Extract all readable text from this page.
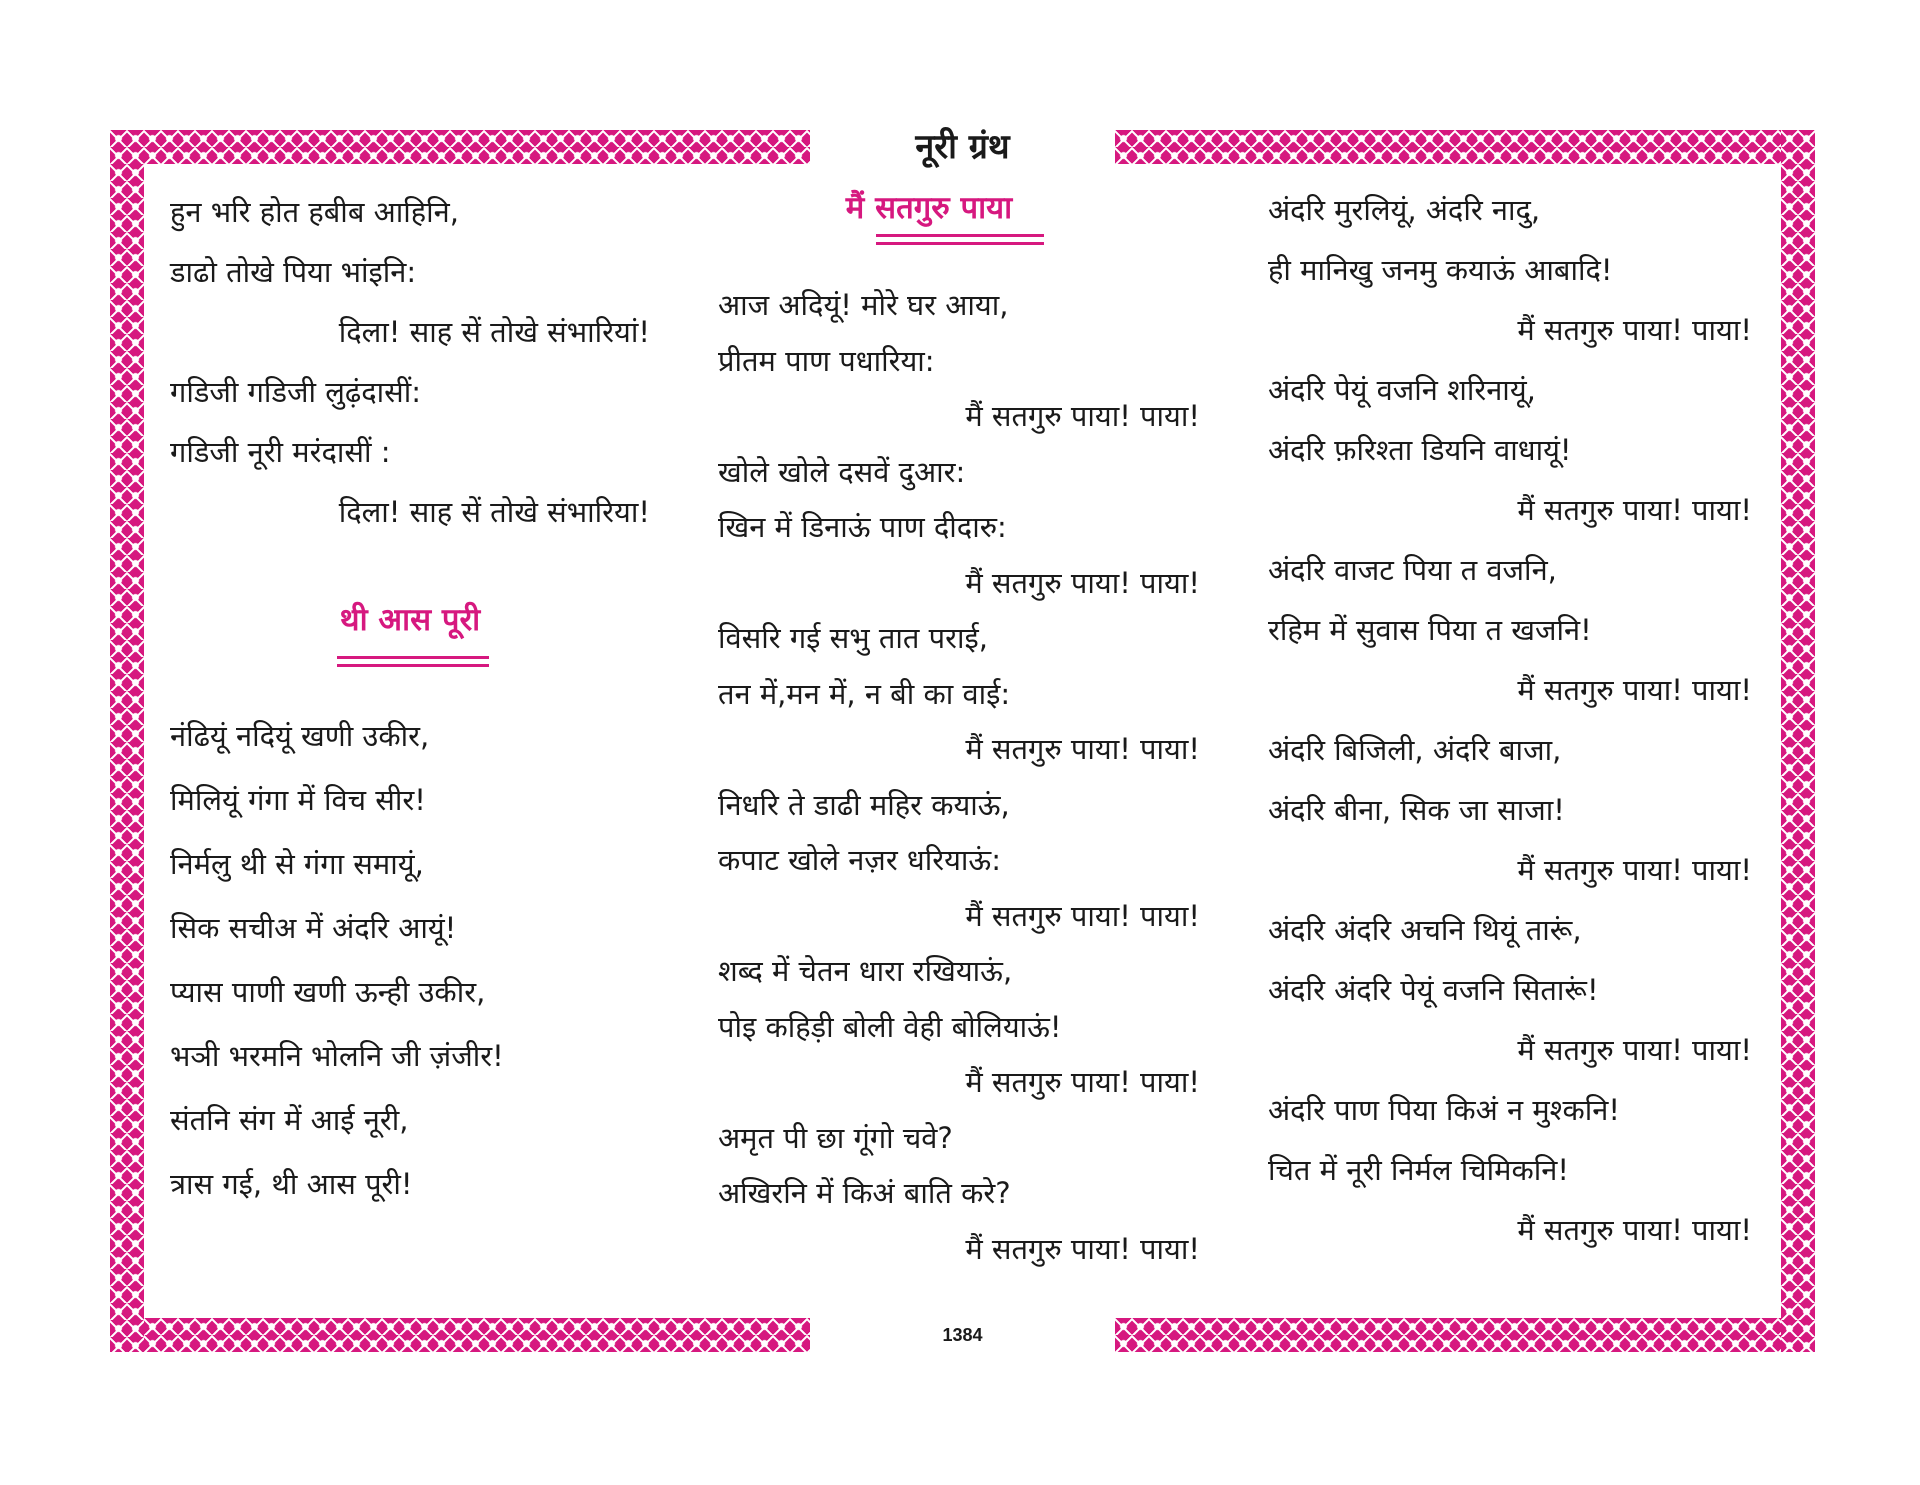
नूरी ग्रंथ
हुन भरि होत हबीब आहिनि,
डाढो तोखे पिया भांइनि:
दिला! साह सें तोखे संभारियां!
गडिजी गडिजी लुढ़ंदासीं:
गडिजी नूरी मरंदासीं :
दिला! साह सें तोखे संभारिया!
थी आस पूरी
नंढियूं नदियूं खणी उकीर,
मिलियूं गंगा में विच सीर!
निर्मलु थी से गंगा समायूं,
सिक सचीअ में अंदरि आयूं!
प्यास पाणी खणी ऊन्ही उकीर,
भञी भरमनि भोलनि जी ज़ंजीर!
संतनि संग में आई नूरी,
त्रास गई, थी आस पूरी!
मैं सतगुरु पाया
आज अदियूं! मोरे घर आया,
प्रीतम पाण पधारिया:
मैं सतगुरु पाया! पाया!
खोले खोले दसवें दुआर:
खिन में डिनाऊं पाण दीदारु:
मैं सतगुरु पाया! पाया!
विसरि गई सभु तात पराई,
तन में,मन में, न बी का वाई:
मैं सतगुरु पाया! पाया!
निधरि ते डाढी महिर कयाऊं,
कपाट खोले नज़र धरियाऊं:
मैं सतगुरु पाया! पाया!
शब्द में चेतन धारा रखियाऊं,
पोइ कहिड़ी बोली वेही बोलियाऊं!
मैं सतगुरु पाया! पाया!
अमृत पी छा गूंगो चवे?
अखिरनि में किअं बाति करे?
मैं सतगुरु पाया! पाया!
अंदरि मुरलियूं, अंदरि नादु,
ही मानिखु जनमु कयाऊं आबादि!
मैं सतगुरु पाया! पाया!
अंदरि पेयूं वजनि शरिनायूं,
अंदरि फ़रिश्ता डियनि वाधायूं!
मैं सतगुरु पाया! पाया!
अंदरि वाजट पिया त वजनि,
रहिम में सुवास पिया त खजनि!
मैं सतगुरु पाया! पाया!
अंदरि बिजिली, अंदरि बाजा,
अंदरि बीना, सिक जा साजा!
मैं सतगुरु पाया! पाया!
अंदरि अंदरि अचनि थियूं तारूं,
अंदरि अंदरि पेयूं वजनि सितारूं!
मैं सतगुरु पाया! पाया!
अंदरि पाण पिया किअं न मुश्कनि!
चित में नूरी निर्मल चिमिकनि!
मैं सतगुरु पाया! पाया!
1384
